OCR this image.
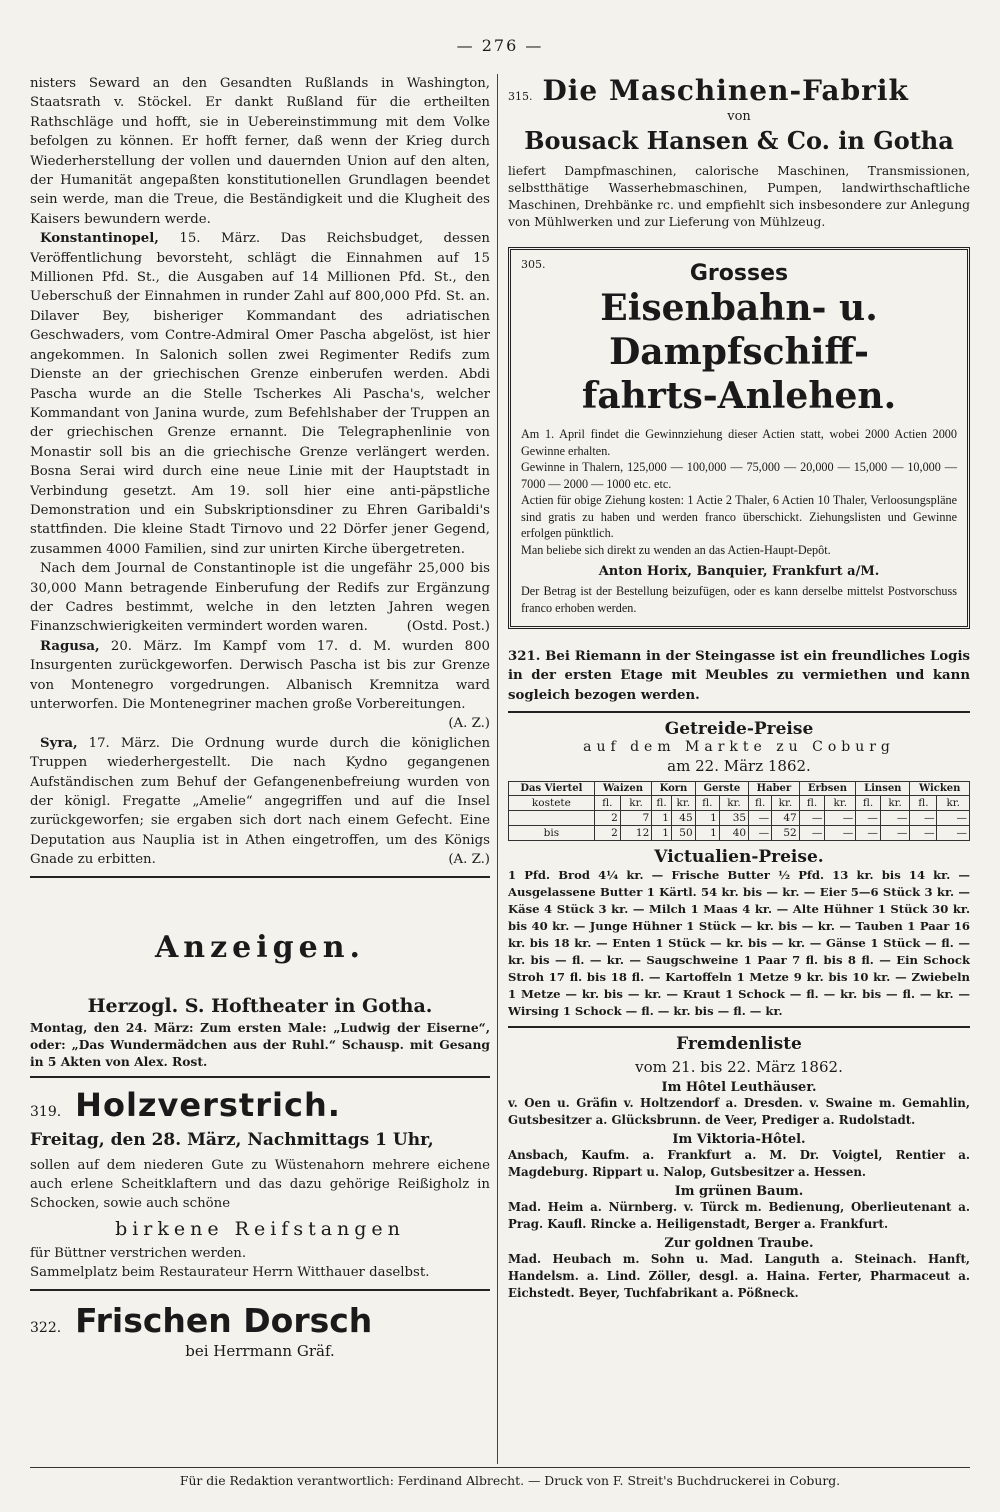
— 276 —

nisters Seward an den Gesandten Rußlands in Washington, Staatsrath v. Stöckel. Er dankt Rußland für die ertheilten Rathschläge und hofft, sie in Uebereinstimmung mit dem Volke befolgen zu können. Er hofft ferner, daß wenn der Krieg durch Wiederherstellung der vollen und dauernden Union auf den alten, der Humanität angepaßten konstitutionellen Grundlagen beendet sein werde, man die Treue, die Beständigkeit und die Klugheit des Kaisers bewundern werde.

Konstantinopel, 15. März. Das Reichsbudget, dessen Veröffentlichung bevorsteht, schlägt die Einnahmen auf 15 Millionen Pfd. St., die Ausgaben auf 14 Millionen Pfd. St., den Ueberschuß der Einnahmen in runder Zahl auf 800,000 Pfd. St. an. Dilaver Bey, bisheriger Kommandant des adriatischen Geschwaders, vom Contre-Admiral Omer Pascha abgelöst, ist hier angekommen. In Salonich sollen zwei Regimenter Redifs zum Dienste an der griechischen Grenze einberufen werden. Abdi Pascha wurde an die Stelle Tscherkes Ali Pascha's, welcher Kommandant von Janina wurde, zum Befehlshaber der Truppen an der griechischen Grenze ernannt. Die Telegraphenlinie von Monastir soll bis an die griechische Grenze verlängert werden. Bosna Serai wird durch eine neue Linie mit der Hauptstadt in Verbindung gesetzt. Am 19. soll hier eine anti-päpstliche Demonstration und ein Subskriptionsdiner zu Ehren Garibaldi's stattfinden. Die kleine Stadt Tirnovo und 22 Dörfer jener Gegend, zusammen 4000 Familien, sind zur unirten Kirche übergetreten.

Nach dem Journal de Constantinople ist die ungefähr 25,000 bis 30,000 Mann betragende Einberufung der Redifs zur Ergänzung der Cadres bestimmt, welche in den letzten Jahren wegen Finanzschwierigkeiten vermindert worden waren.	(Ostd. Post.)

Ragusa, 20. März. Im Kampf vom 17. d. M. wurden 800 Insurgenten zurückgeworfen. Derwisch Pascha ist bis zur Grenze von Montenegro vorgedrungen. Albanisch Kremnitza ward unterworfen. Die Montenegriner machen große Vorbereitungen.
(A. Z.)

Syra, 17. März. Die Ordnung wurde durch die königlichen Truppen wiederhergestellt. Die nach Kydno gegangenen Aufständischen zum Behuf der Gefangenenbefreiung wurden von der königl. Fregatte „Amelie“ angegriffen und auf die Insel zurückgeworfen; sie ergaben sich dort nach einem Gefecht. Eine Deputation aus Nauplia ist in Athen eingetroffen, um des Königs Gnade zu erbitten.	(A. Z.)

Anzeigen.
Herzogl. S. Hoftheater in Gotha.

Montag, den 24. März: Zum ersten Male: „Ludwig der Eiserne“, oder: „Das Wundermädchen aus der Ruhl.“ Schausp. mit Gesang in 5 Akten von Alex. Rost.

319. Holzverstrich.
Freitag, den 28. März, Nachmittags 1 Uhr,

sollen auf dem niederen Gute zu Wüstenahorn mehrere eichene auch erlene Scheitklaftern und das dazu gehörige Reißigholz in Schocken, sowie auch schöne

birkene Reifstangen

für Büttner verstrichen werden.

Sammelplatz beim Restaurateur Herrn Witthauer daselbst.

322. Frischen Dorsch
bei Herrmann Gräf.
315. Die Maschinen-Fabrik
von
Bousack Hansen & Co. in Gotha

liefert Dampfmaschinen, calorische Maschinen, Transmissionen, selbstthätige Wasserhebmaschinen, Pumpen, landwirthschaftliche Maschinen, Drehbänke rc. und empfiehlt sich insbesondere zur Anlegung von Mühlwerken und zur Lieferung von Mühlzeug.

305.	Grosses
Eisenbahn- u. Dampfschiff-
fahrts-Anlehen.

Am 1. April findet die Gewinnziehung dieser Actien statt, wobei 2000 Actien 2000 Gewinne erhalten.

Gewinne in Thalern, 125,000 — 100,000 — 75,000 — 20,000 — 15,000 — 10,000 — 7000 — 2000 — 1000 etc. etc.

Actien für obige Ziehung kosten: 1 Actie 2 Thaler, 6 Actien 10 Thaler, Verloosungspläne sind gratis zu haben und werden franco überschickt. Ziehungslisten und Gewinne erfolgen pünktlich.

Man beliebe sich direkt zu wenden an das Actien-Haupt-Depôt.

Anton Horix, Banquier, Frankfurt a/M.

Der Betrag ist der Bestellung beizufügen, oder es kann derselbe mittelst Postvorschuss franco erhoben werden.

321. Bei Riemann in der Steingasse ist ein freundliches Logis in der ersten Etage mit Meubles zu vermiethen und kann sogleich bezogen werden.

Getreide-Preise
auf dem Markte zu Coburg
am 22. März 1862.
Das Viertel	Waizen		Korn		Gerste		Haber		Erbsen		Linsen		Wicken	
kostete	fl.	kr.	fl.	kr.	fl.	kr.	fl.	kr.	fl.	kr.	fl.	kr.	fl.	kr.
	2	7	1	45	1	35	—	47	—	—	—	—	—	—
bis	2	12	1	50	1	40	—	52	—	—	—	—	—	—
Victualien-Preise.

1 Pfd. Brod 4¼ kr. — Frische Butter ½ Pfd. 13 kr. bis 14 kr. — Ausgelassene Butter 1 Kärtl. 54 kr. bis — kr. — Eier 5—6 Stück 3 kr. — Käse 4 Stück 3 kr. — Milch 1 Maas 4 kr. — Alte Hühner 1 Stück 30 kr. bis 40 kr. — Junge Hühner 1 Stück — kr. bis — kr. — Tauben 1 Paar 16 kr. bis 18 kr. — Enten 1 Stück — kr. bis — kr. — Gänse 1 Stück — fl. — kr. bis — fl. — kr. — Saugschweine 1 Paar 7 fl. bis 8 fl. — Ein Schock Stroh 17 fl. bis 18 fl. — Kartoffeln 1 Metze 9 kr. bis 10 kr. — Zwiebeln 1 Metze — kr. bis — kr. — Kraut 1 Schock — fl. — kr. bis — fl. — kr. — Wirsing 1 Schock — fl. — kr. bis — fl. — kr.

Fremdenliste
vom 21. bis 22. März 1862.
Im Hôtel Leuthäuser.

v. Oen u. Gräfin v. Holtzendorf a. Dresden. v. Swaine m. Gemahlin, Gutsbesitzer a. Glücksbrunn. de Veer, Prediger a. Rudolstadt.

Im Viktoria-Hôtel.

Ansbach, Kaufm. a. Frankfurt a. M. Dr. Voigtel, Rentier a. Magdeburg. Rippart u. Nalop, Gutsbesitzer a. Hessen.

Im grünen Baum.

Mad. Heim a. Nürnberg. v. Türck m. Bedienung, Oberlieutenant a. Prag. Kaufl. Rincke a. Heiligenstadt, Berger a. Frankfurt.

Zur goldnen Traube.

Mad. Heubach m. Sohn u. Mad. Languth a. Steinach. Hanft, Handelsm. a. Lind. Zöller, desgl. a. Haina. Ferter, Pharmaceut a. Eichstedt. Beyer, Tuchfabrikant a. Pößneck.

Für die Redaktion verantwortlich: Ferdinand Albrecht. — Druck von F. Streit's Buchdruckerei in Coburg.
